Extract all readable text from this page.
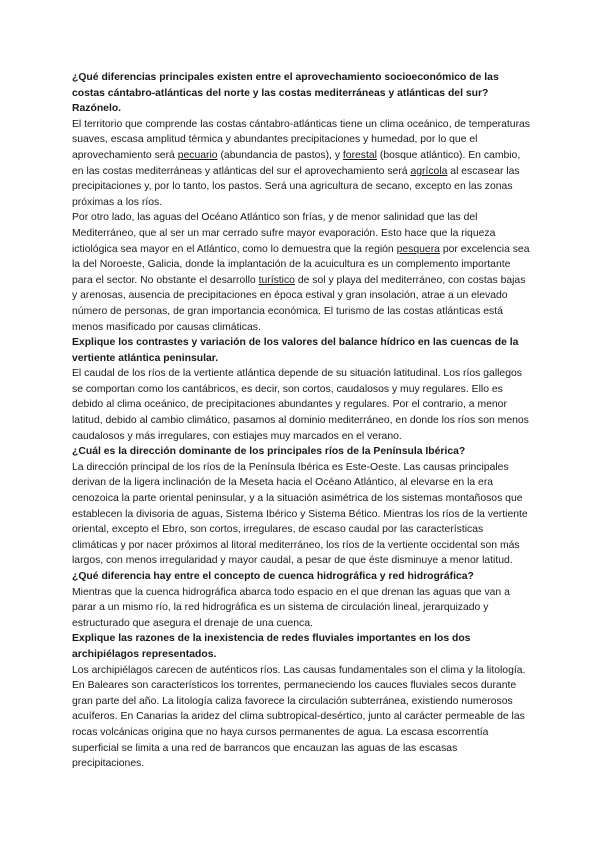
¿Qué diferencias principales existen entre el aprovechamiento socioeconómico de las costas cántabro-atlánticas del norte y las costas mediterráneas y atlánticas del sur? Razónelo.

El territorio que comprende las costas cántabro-atlánticas tiene un clima oceánico, de temperaturas suaves, escasa amplitud térmica y abundantes precipitaciones y humedad, por lo que el aprovechamiento será pecuario (abundancia de pastos), y forestal (bosque atlántico). En cambio, en las costas mediterráneas y atlánticas del sur el aprovechamiento será agrícola al escasear las precipitaciones y, por lo tanto, los pastos. Será una agricultura de secano, excepto en las zonas próximas a los ríos.

Por otro lado, las aguas del Océano Atlántico son frías, y de menor salinidad que las del Mediterráneo, que al ser un mar cerrado sufre mayor evaporación. Esto hace que la riqueza ictiológica sea mayor en el Atlántico, como lo demuestra que la región pesquera por excelencia sea la del Noroeste, Galicia, donde la implantación de la acuicultura es un complemento importante para el sector. No obstante el desarrollo turístico de sol y playa del mediterráneo, con costas bajas y arenosas, ausencia de precipitaciones en época estival y gran insolación, atrae a un elevado número de personas, de gran importancia económica. El turismo de las costas atlánticas está menos masificado por causas climáticas.

Explique los contrastes y variación de los valores del balance hídrico en las cuencas de la vertiente atlántica peninsular.

El caudal de los ríos de la vertiente atlántica depende de su situación latitudinal. Los ríos gallegos se comportan como los cantábricos, es decir, son cortos, caudalosos y muy regulares. Ello es debido al clima oceánico, de precipitaciones abundantes y regulares. Por el contrario, a menor latitud, debido al cambio climático, pasamos al dominio mediterráneo, en donde los ríos son menos caudalosos y más irregulares, con estiajes muy marcados en el verano.

¿Cuál es la dirección dominante de los principales ríos de la Península Ibérica?

La dirección principal de los ríos de la Península Ibérica es Este-Oeste. Las causas principales derivan de la ligera inclinación de la Meseta hacia el Océano Atlántico, al elevarse en la era cenozoica la parte oriental peninsular, y a la situación asimétrica de los sistemas montañosos que establecen la divisoria de aguas, Sistema Ibérico y Sistema Bético. Mientras los ríos de la vertiente oriental, excepto el Ebro, son cortos, irregulares, de escaso caudal por las características climáticas y por nacer próximos al litoral mediterráneo, los ríos de la vertiente occidental son más largos, con menos irregularidad y mayor caudal, a pesar de que éste disminuye a menor latitud.

¿Qué diferencia hay entre el concepto de cuenca hidrográfica y red hidrográfica?

Mientras que la cuenca hidrográfica abarca todo espacio en el que drenan las aguas que van a parar a un mismo río, la red hidrográfica es un sistema de circulación lineal, jerarquizado y estructurado que asegura el drenaje de una cuenca.

Explique las razones de la inexistencia de redes fluviales importantes en los dos archipiélagos representados.

Los archipiélagos carecen de auténticos ríos. Las causas fundamentales son el clima y la litología. En Baleares son característicos los torrentes, permaneciendo los cauces fluviales secos durante gran parte del año. La litología caliza favorece la circulación subterránea, existiendo numerosos acuíferos. En Canarias la aridez del clima subtropical-desértico, junto al carácter permeable de las rocas volcánicas origina que no haya cursos permanentes de agua. La escasa escorrentía superficial se limita a una red de barrancos que encauzan las aguas de las escasas precipitaciones.
